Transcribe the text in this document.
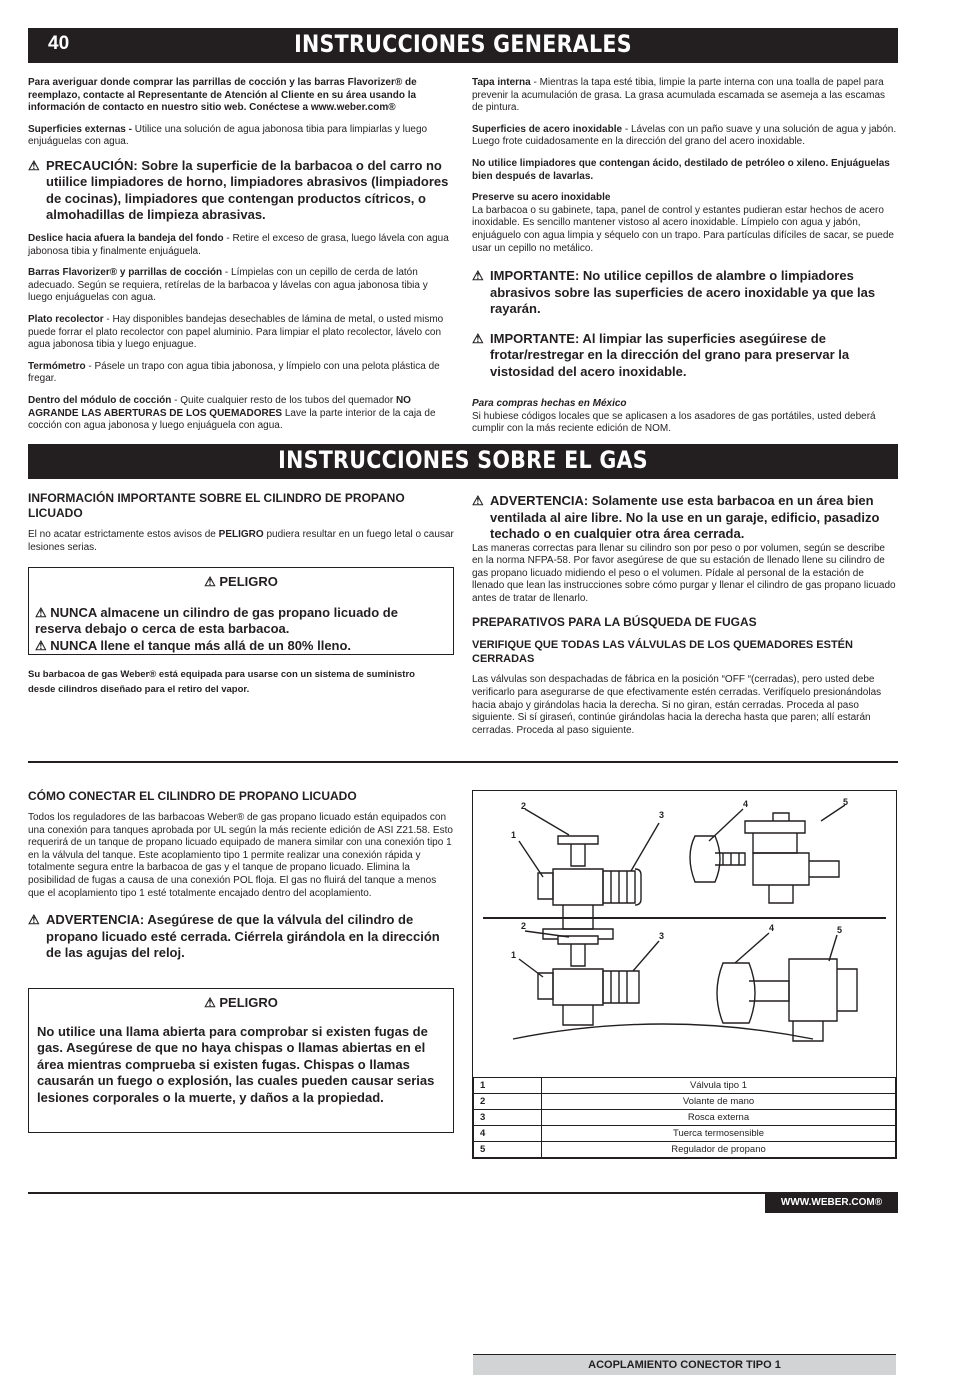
40	INSTRUCCIONES GENERALES

Para averiguar donde comprar las parrillas de cocción y las barras Flavorizer® de reemplazo, contacte al Representante de Atención al Cliente en su área usando la información de contacto en nuestro sitio web. Conéctese a www.weber.com®

Superficies externas - Utilice una solución de agua jabonosa tibia para limpiarlas y luego enjuáguelas con agua.

⚠ PRECAUCIÓN: Sobre la superficie de la barbacoa o del carro no utiilice limpiadores de horno, limpiadores abrasivos (limpiadores de cocinas), limpiadores que contengan productos cítricos, o almohadillas de limpieza abrasivas.

Deslice hacia afuera la bandeja del fondo - Retire el exceso de grasa, luego lávela con agua jabonosa tibia y finalmente enjuáguela.

Barras Flavorizer® y parrillas de cocción - Límpielas con un cepillo de cerda de latón adecuado. Según se requiera, retírelas de la barbacoa y lávelas con agua jabonosa tibia y luego enjuáguelas con agua.

Plato recolector - Hay disponibles bandejas desechables de lámina de metal, o usted mismo puede forrar el plato recolector con papel aluminio. Para limpiar el plato recolector, lávelo con agua jabonosa tibia y luego enjuague.

Termómetro - Pásele un trapo con agua tibia jabonosa, y límpielo con una pelota plástica de fregar.

Dentro del módulo de cocción - Quite cualquier resto de los tubos del quemador NO AGRANDE LAS ABERTURAS DE LOS QUEMADORES Lave la parte interior de la caja de cocción con agua jabonosa y luego enjuáguela con agua.

Tapa interna - Mientras la tapa esté tibia, limpie la parte interna con una toalla de papel para prevenir la acumulación de grasa. La grasa acumulada escamada se asemeja a las escamas de pintura.

Superficies de acero inoxidable - Lávelas con un paño suave y una solución de agua y jabón. Luego frote cuidadosamente en la dirección del grano del acero inoxidable.

No utilice limpiadores que contengan ácido, destilado de petróleo o xileno. Enjuáguelas bien después de lavarlas.

Preserve su acero inoxidable
La barbacoa o su gabinete, tapa, panel de control y estantes pudieran estar hechos de acero inoxidable. Es sencillo mantener vistoso al acero inoxidable. Límpielo con agua y jabón, enjuáguelo con agua limpia y séquelo con un trapo. Para partículas difíciles de sacar, se puede usar un cepillo no metálico.

⚠ IMPORTANTE: No utilice cepillos de alambre o limpiadores abrasivos sobre las superficies de acero inoxidable ya que las rayarán.
⚠ IMPORTANTE: Al limpiar las superficies asegúirese de frotar/restregar en la dirección del grano para preservar la vistosidad del acero inoxidable.

Para compras hechas en México
Si hubiese códigos locales que se aplicasen a los asadores de gas portátiles, usted deberá cumplir con la más reciente edición de NOM.

INSTRUCCIONES SOBRE EL GAS
INFORMACIÓN IMPORTANTE SOBRE EL CILINDRO DE PROPANO LICUADO

El no acatar estrictamente estos avisos de PELIGRO pudiera resultar en un fuego letal o causar lesiones serias.

⚠ PELIGRO
⚠ NUNCA almacene un cilindro de gas propano licuado de reserva debajo o cerca de esta barbacoa.
⚠ NUNCA llene el tanque más allá de un 80% lleno.
Su barbacoa de gas Weber® está equipada para usarse con un sistema de suministro desde cilindros diseñado para el retiro del vapor.
⚠ ADVERTENCIA: Solamente use esta barbacoa en un área bien ventilada al aire libre. No la use en un garaje, edificio, pasadizo techado o en cualquier otra área cerrada.

Las maneras correctas para llenar su cilindro son por peso o por volumen, según se describe en la norma NFPA-58. Por favor asegúrese de que su estación de llenado llene su cilindro de gas propano licuado midiendo el peso o el volumen. Pídale al personal de la estación de llenado que lean las instrucciones sobre cómo purgar y llenar el cilindro de gas propano licuado antes de tratar de llenarlo.

PREPARATIVOS PARA LA BÚSQUEDA DE FUGAS
VERIFIQUE QUE TODAS LAS VÁLVULAS DE LOS QUEMADORES ESTÉN CERRADAS

Las válvulas son despachadas de fábrica en la posición “OFF “(cerradas), pero usted debe verificarlo para asegurarse de que efectivamente estén cerradas. Verifíquelo presionándolas hacia abajo y girándolas hacia la derecha. Si no giran, están cerradas. Proceda al paso siguiente. Si sí giraseń, continúe girándolas hacia la derecha hasta que paren; allí estarán cerradas. Proceda al paso siguiente.

CÓMO CONECTAR EL CILINDRO DE PROPANO LICUADO

Todos los reguladores de las barbacoas Weber® de gas propano licuado están equipados con una conexión para tanques aprobada por UL según la más reciente edición de ASI Z21.58. Esto requerirá de un tanque de propano licuado equipado de manera similar con una conexión tipo 1 en la válvula del tanque. Este acoplamiento tipo 1 permite realizar una conexión rápida y totalmente segura entre la barbacoa de gas y el tanque de propano licuado. Elimina la posibilidad de fugas a causa de una conexión POL floja. El gas no fluirá del tanque a menos que el acoplamiento tipo 1 esté totalmente encajado dentro del acoplamiento.

⚠ ADVERTENCIA: Asegúrese de que la válvula del cilindro de propano licuado esté cerrada. Ciérrela girándola en la dirección de las agujas del reloj.
⚠ PELIGRO
No utilice una llama abierta para comprobar si existen fugas de gas. Asegúrese de que no haya chispas o llamas abiertas en el área mientras comprueba si existen fugas. Chispas o llamas causarán un fuego o explosión, las cuales pueden causar serias lesiones corporales o la muerte, y daños a la propiedad.
1
2
3
4	5
1
2
3
4	5
ACOPLAMIENTO CONECTOR TIPO 1
1	Válvula tipo 1
2	Volante de mano
3	Rosca externa
4	Tuerca termosensible
5	Regulador de propano
WWW.WEBER.COM®
